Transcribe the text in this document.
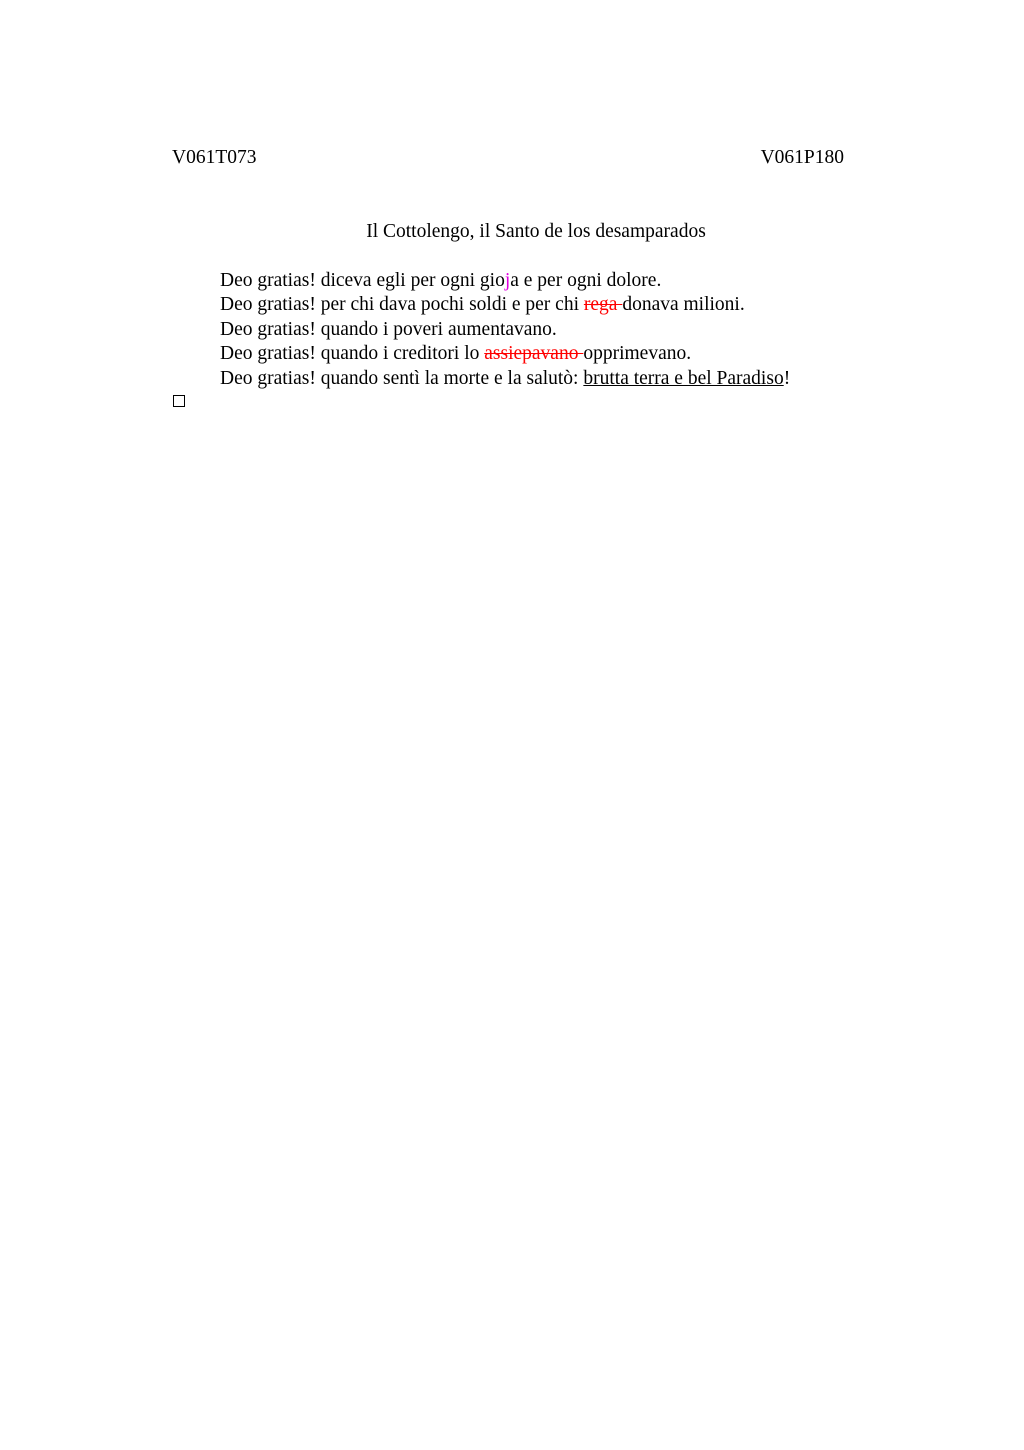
V061T073	V061P180
Il Cottolengo, il Santo de los desamparados
Deo gratias! diceva egli per ogni gioja e per ogni dolore.
Deo gratias! per chi dava pochi soldi e per chi rega donava milioni.
Deo gratias! quando i poveri aumentavano.
Deo gratias! quando i creditori lo assiepavano opprimevano.
Deo gratias! quando sentì la morte e la salutò: brutta terra e bel Paradiso!
